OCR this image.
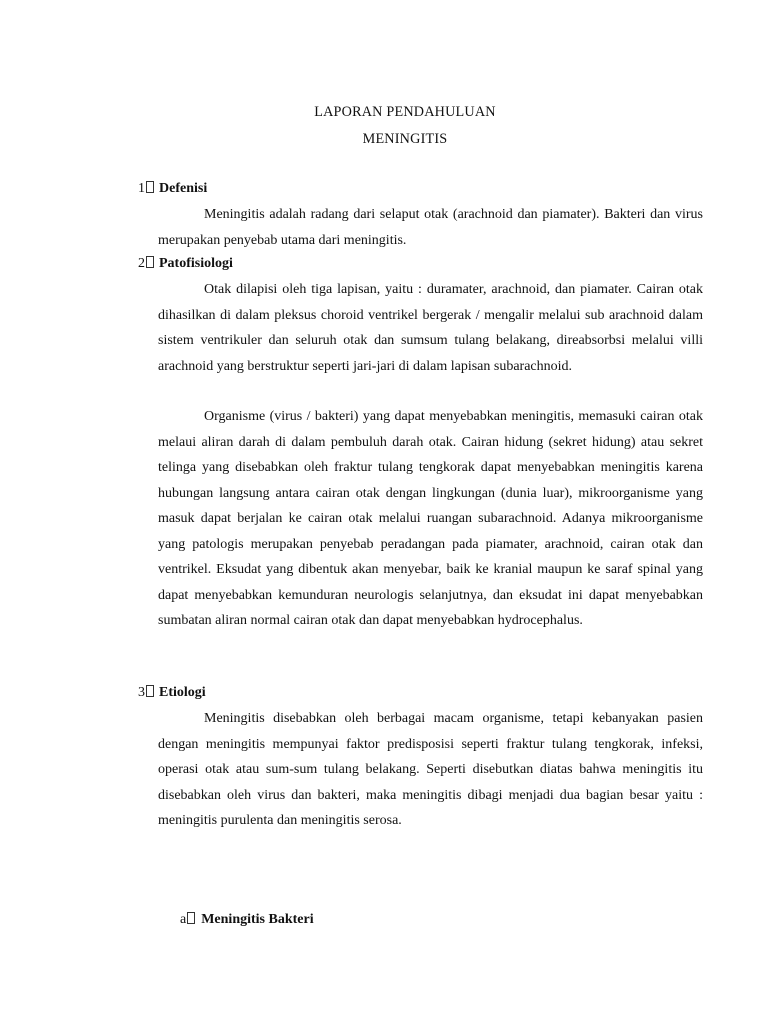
LAPORAN PENDAHULUAN
MENINGITIS

1 Defenisi

Meningitis adalah radang dari selaput otak (arachnoid dan piamater). Bakteri dan virus merupakan penyebab utama dari meningitis.

2 Patofisiologi

Otak dilapisi oleh tiga lapisan, yaitu : duramater, arachnoid, dan piamater. Cairan otak dihasilkan di dalam pleksus choroid ventrikel bergerak / mengalir melalui sub arachnoid dalam sistem ventrikuler dan seluruh otak dan sumsum tulang belakang, direabsorbsi melalui villi arachnoid yang berstruktur seperti jari-jari di dalam lapisan subarachnoid.

Organisme (virus / bakteri) yang dapat menyebabkan meningitis, memasuki cairan otak melaui aliran darah di dalam pembuluh darah otak. Cairan hidung (sekret hidung) atau sekret telinga yang disebabkan oleh fraktur tulang tengkorak dapat menyebabkan meningitis karena hubungan langsung antara cairan otak dengan lingkungan (dunia luar), mikroorganisme yang masuk dapat berjalan ke cairan otak melalui ruangan subarachnoid. Adanya mikroorganisme yang patologis merupakan penyebab peradangan pada piamater, arachnoid, cairan otak dan ventrikel. Eksudat yang dibentuk akan menyebar, baik ke kranial maupun ke saraf spinal yang dapat menyebabkan kemunduran neurologis selanjutnya, dan eksudat ini dapat menyebabkan sumbatan aliran normal cairan otak dan dapat menyebabkan hydrocephalus.

3 Etiologi

Meningitis disebabkan oleh berbagai macam organisme, tetapi kebanyakan pasien dengan meningitis mempunyai faktor predisposisi seperti fraktur tulang tengkorak, infeksi, operasi otak atau sum-sum tulang belakang. Seperti disebutkan diatas bahwa meningitis itu disebabkan oleh virus dan bakteri, maka meningitis dibagi menjadi dua bagian besar yaitu : meningitis purulenta dan meningitis serosa.

a Meningitis Bakteri
